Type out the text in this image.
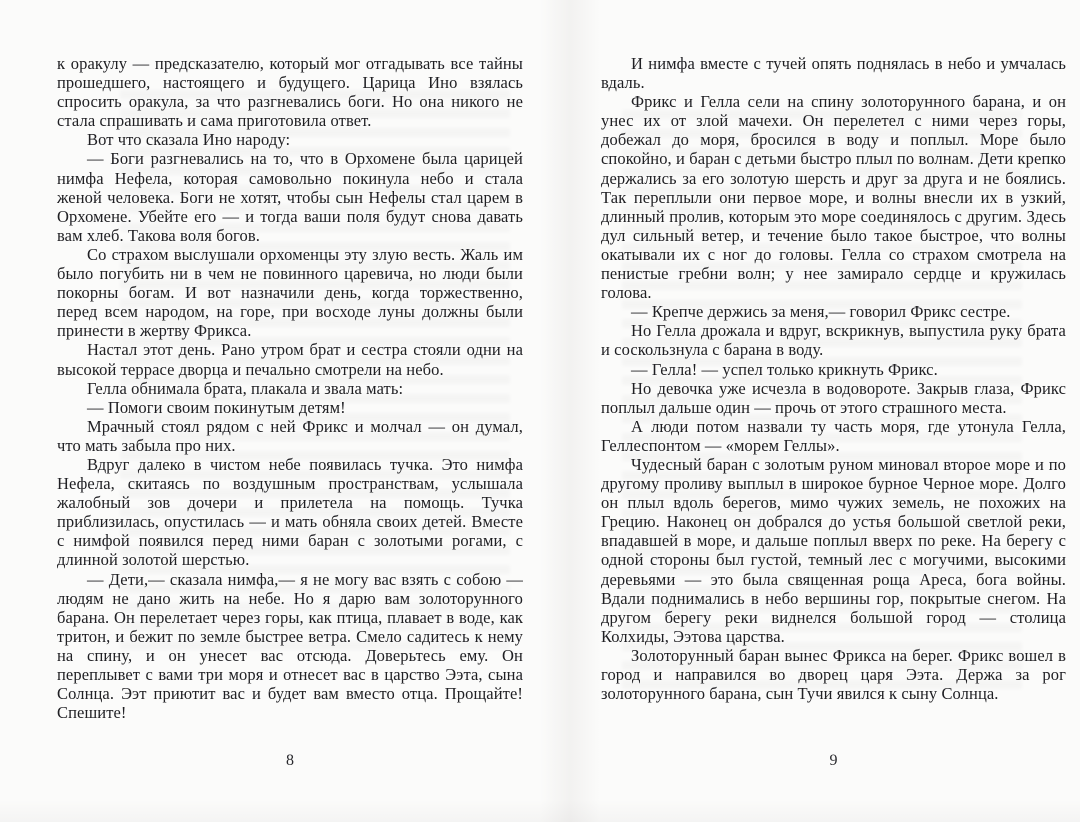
к оракулу — предсказателю, который мог отгадывать все тайны прошедшего, настоящего и будущего. Царица Ино взялась спросить оракула, за что разгневались боги. Но она никого не стала спрашивать и сама приготовила ответ.

Вот что сказала Ино народу:

— Боги разгневались на то, что в Орхомене была царицей нимфа Нефела, которая самовольно покинула небо и стала женой человека. Боги не хотят, чтобы сын Нефелы стал царем в Орхомене. Убейте его — и тогда ваши поля будут снова давать вам хлеб. Такова воля богов.

Со страхом выслушали орхоменцы эту злую весть. Жаль им было погубить ни в чем не повинного царевича, но люди были покорны богам. И вот назначили день, когда торжественно, перед всем народом, на горе, при восходе луны должны были принести в жертву Фрикса.

Настал этот день. Рано утром брат и сестра стояли одни на высокой террасе дворца и печально смотрели на небо.

Гелла обнимала брата, плакала и звала мать:

— Помоги своим покинутым детям!

Мрачный стоял рядом с ней Фрикс и молчал — он думал, что мать забыла про них.

Вдруг далеко в чистом небе появилась тучка. Это нимфа Нефела, скитаясь по воздушным пространствам, услышала жалобный зов дочери и прилетела на помощь. Тучка приблизилась, опустилась — и мать обняла своих детей. Вместе с нимфой появился перед ними баран с золотыми рогами, с длинной золотой шерстью.

— Дети,— сказала нимфа,— я не могу вас взять с собою — людям не дано жить на небе. Но я дарю вам золоторунного барана. Он перелетает через горы, как птица, плавает в воде, как тритон, и бежит по земле быстрее ветра. Смело садитесь к нему на спину, и он унесет вас отсюда. Доверьтесь ему. Он переплывет с вами три моря и отнесет вас в царство Ээта, сына Солнца. Ээт приютит вас и будет вам вместо отца. Прощайте! Спешите!

И нимфа вместе с тучей опять поднялась в небо и умчалась вдаль.

Фрикс и Гелла сели на спину золоторунного барана, и он унес их от злой мачехи. Он перелетел с ними через горы, добежал до моря, бросился в воду и поплыл. Море было спокойно, и баран с детьми быстро плыл по волнам. Дети крепко держались за его золотую шерсть и друг за друга и не боялись. Так переплыли они первое море, и волны внесли их в узкий, длинный пролив, которым это море соединялось с другим. Здесь дул сильный ветер, и течение было такое быстрое, что волны окатывали их с ног до головы. Гелла со страхом смотрела на пенистые гребни волн; у нее замирало сердце и кружилась голова.

— Крепче держись за меня,— говорил Фрикс сестре.

Но Гелла дрожала и вдруг, вскрикнув, выпустила руку брата и соскользнула с барана в воду.

— Гелла! — успел только крикнуть Фрикс.

Но девочка уже исчезла в водовороте. Закрыв глаза, Фрикс поплыл дальше один — прочь от этого страшного места.

А люди потом назвали ту часть моря, где утонула Гелла, Геллеспонтом — «морем Геллы».

Чудесный баран с золотым руном миновал второе море и по другому проливу выплыл в широкое бурное Черное море. Долго он плыл вдоль берегов, мимо чужих земель, не похожих на Грецию. Наконец он добрался до устья большой светлой реки, впадавшей в море, и дальше поплыл вверх по реке. На берегу с одной стороны был густой, темный лес с могучими, высокими деревьями — это была священная роща Ареса, бога войны. Вдали поднимались в небо вершины гор, покрытые снегом. На другом берегу реки виднелся большой город — столица Колхиды, Ээтова царства.

Золоторунный баран вынес Фрикса на берег. Фрикс вошел в город и направился во дворец царя Ээта. Держа за рог золоторунного барана, сын Тучи явился к сыну Солнца.

9
8
